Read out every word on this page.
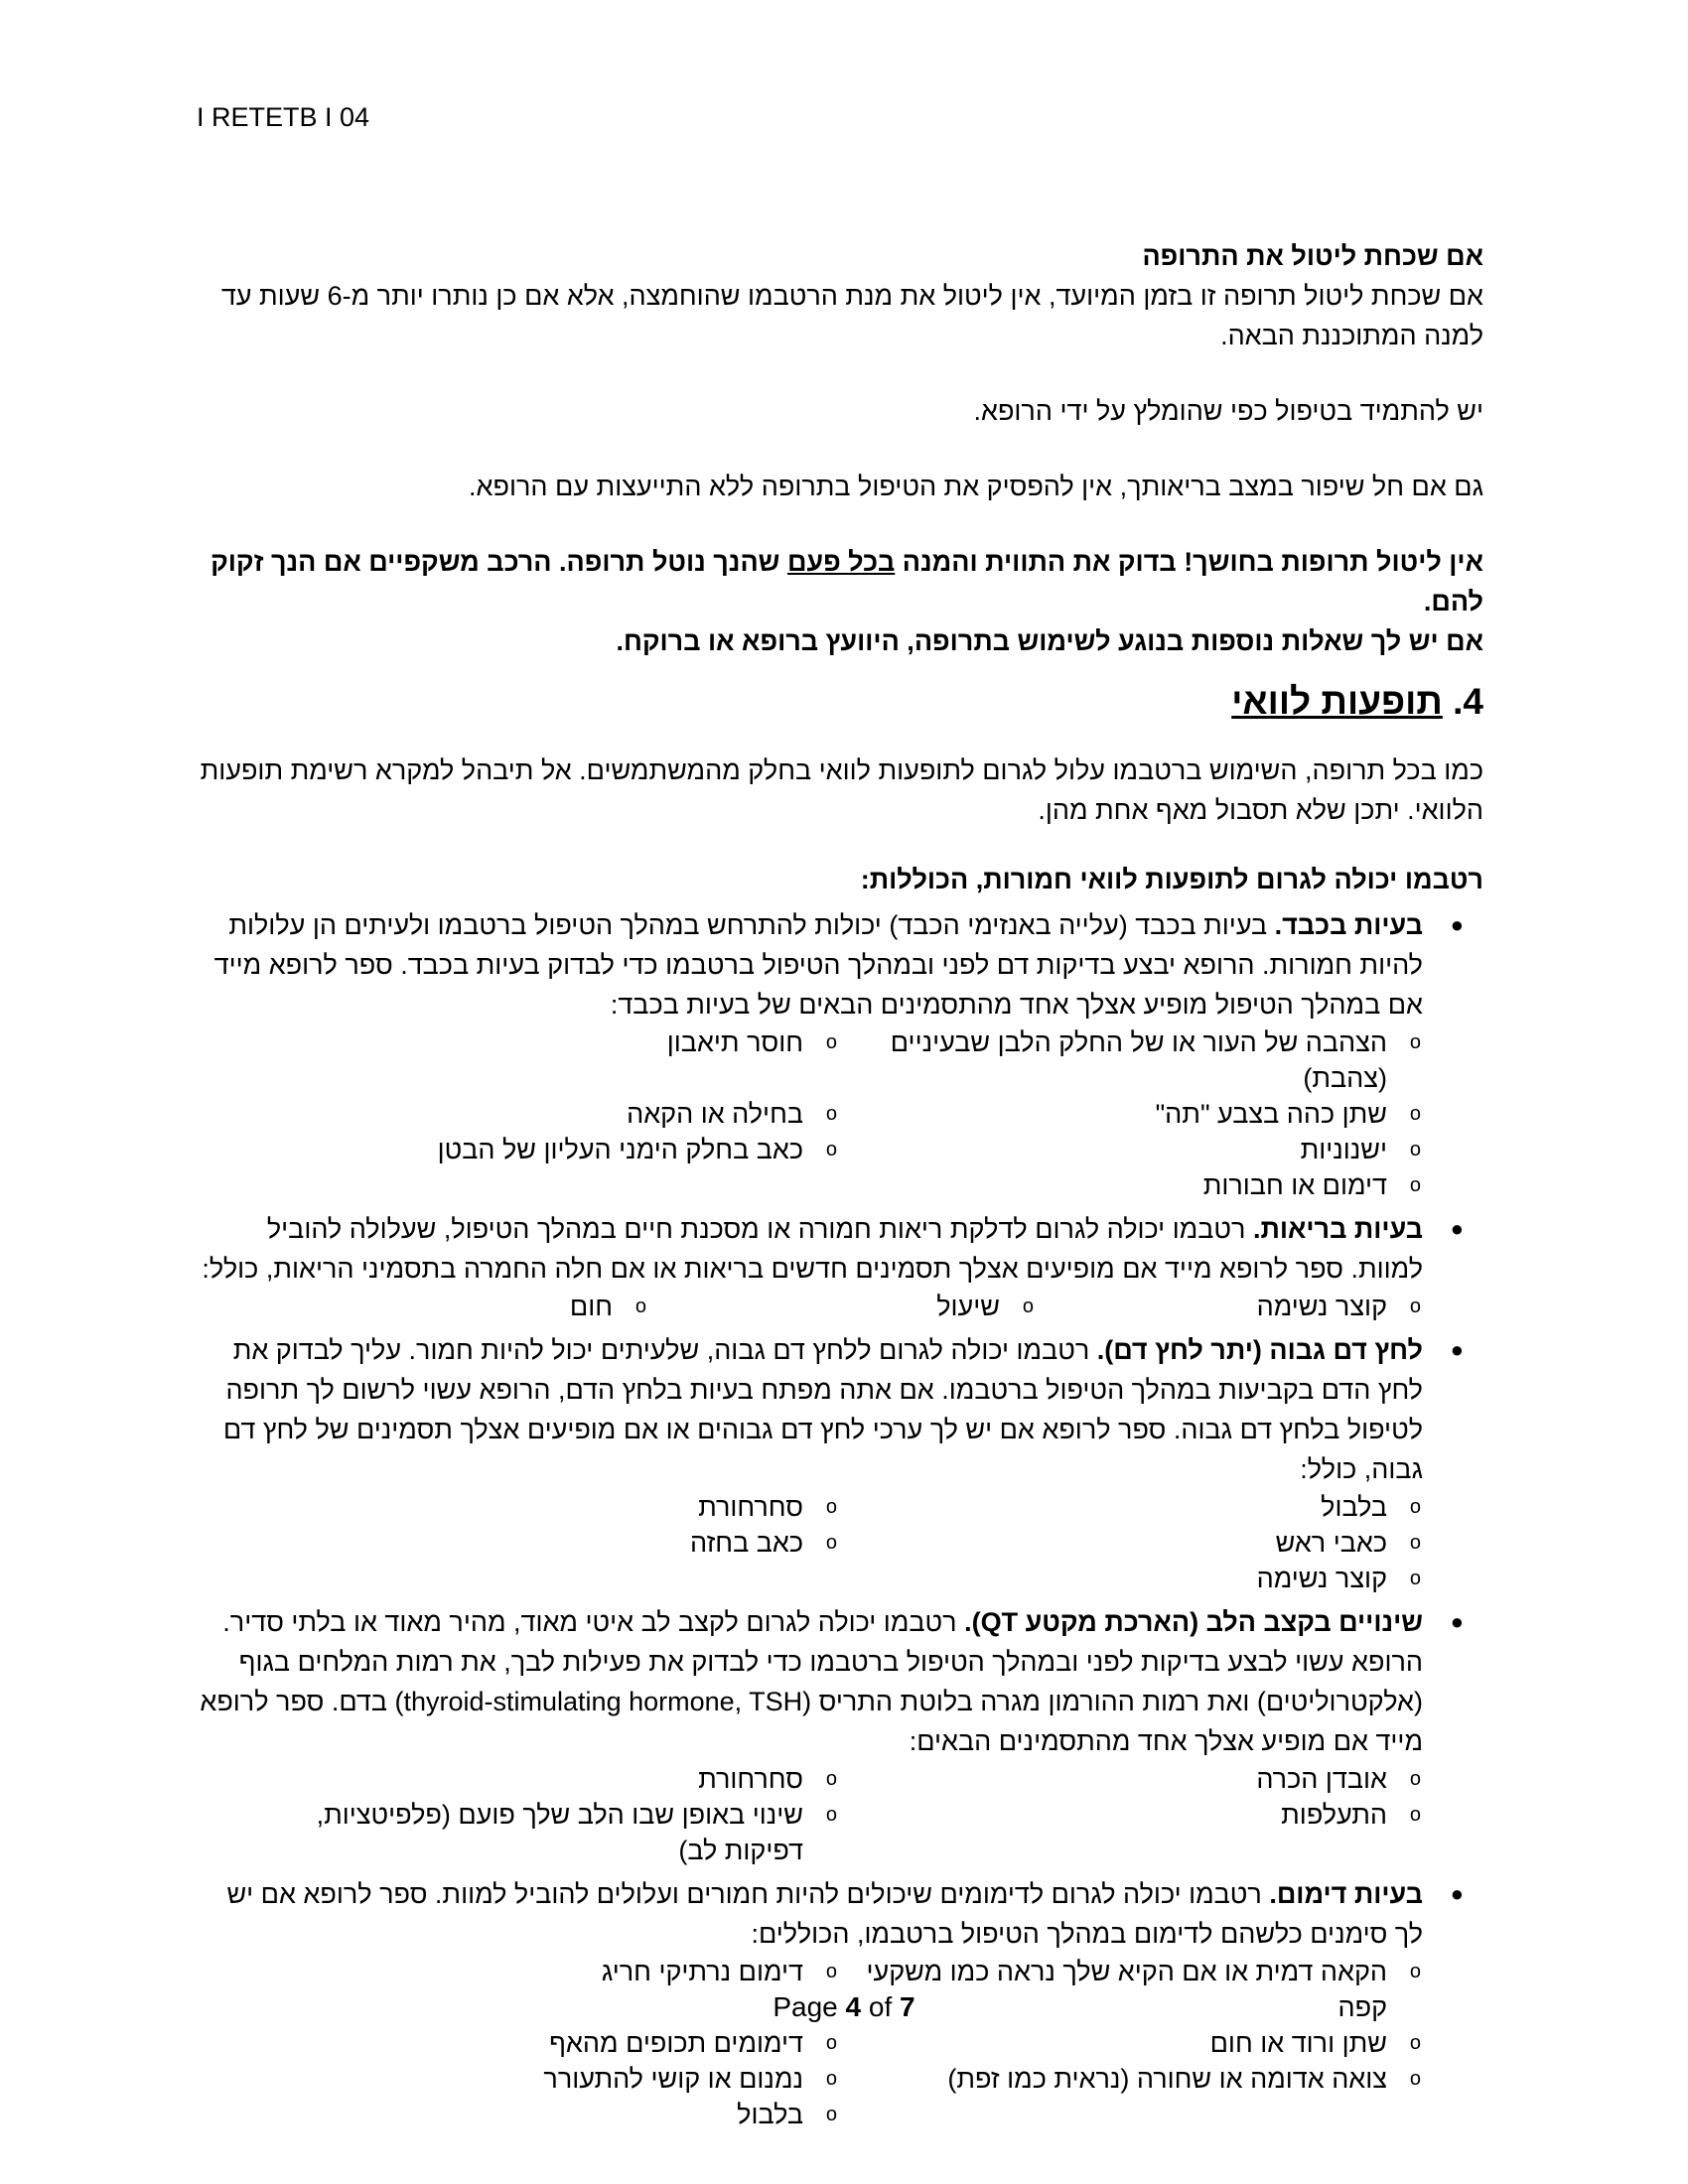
I RETETB I 04

אם שכחת ליטול את התרופה

אם שכחת ליטול תרופה זו בזמן המיועד, אין ליטול את מנת הרטבמו שהוחמצה, אלא אם כן נותרו יותר מ-6 שעות עד למנה המתוכננת הבאה.

יש להתמיד בטיפול כפי שהומלץ על ידי הרופא.

גם אם חל שיפור במצב בריאותך, אין להפסיק את הטיפול בתרופה ללא התייעצות עם הרופא.

אין ליטול תרופות בחושך! בדוק את התווית והמנה בכל פעם שהנך נוטל תרופה. הרכב משקפיים אם הנך זקוק להם.

אם יש לך שאלות נוספות בנוגע לשימוש בתרופה, היוועץ ברופא או ברוקח.

4. תופעות לוואי

כמו בכל תרופה, השימוש ברטבמו עלול לגרום לתופעות לוואי בחלק מהמשתמשים. אל תיבהל למקרא רשימת תופעות הלוואי. יתכן שלא תסבול מאף אחת מהן.

רטבמו יכולה לגרום לתופעות לוואי חמורות, הכוללות:

●

בעיות בכבד. בעיות בכבד (עלייה באנזימי הכבד) יכולות להתרחש במהלך הטיפול ברטבמו ולעיתים הן עלולות להיות חמורות. הרופא יבצע בדיקות דם לפני ובמהלך הטיפול ברטבמו כדי לבדוק בעיות בכבד. ספר לרופא מייד אם במהלך הטיפול מופיע אצלך אחד מהתסמינים הבאים של בעיות בכבד:

o
הצהבה של העור או של החלק הלבן שבעיניים (צהבת)
o
חוסר תיאבון
o
שתן כהה בצבע "תה"
o
בחילה או הקאה
o
ישנוניות
o
כאב בחלק הימני העליון של הבטן
o
דימום או חבורות
●

בעיות בריאות. רטבמו יכולה לגרום לדלקת ריאות חמורה או מסכנת חיים במהלך הטיפול, שעלולה להוביל למוות. ספר לרופא מייד אם מופיעים אצלך תסמינים חדשים בריאות או אם חלה החמרה בתסמיני הריאות, כולל:

o
קוצר נשימה
o
שיעול
o
חום
●

לחץ דם גבוה (יתר לחץ דם). רטבמו יכולה לגרום ללחץ דם גבוה, שלעיתים יכול להיות חמור. עליך לבדוק את לחץ הדם בקביעות במהלך הטיפול ברטבמו. אם אתה מפתח בעיות בלחץ הדם, הרופא עשוי לרשום לך תרופה לטיפול בלחץ דם גבוה. ספר לרופא אם יש לך ערכי לחץ דם גבוהים או אם מופיעים אצלך תסמינים של לחץ דם גבוה, כולל:

o
בלבול
o
סחרחורת
o
כאבי ראש
o
כאב בחזה
o
קוצר נשימה
●

שינויים בקצב הלב (הארכת מקטע QT). רטבמו יכולה לגרום לקצב לב איטי מאוד, מהיר מאוד או בלתי סדיר. הרופא עשוי לבצע בדיקות לפני ובמהלך הטיפול ברטבמו כדי לבדוק את פעילות לבך, את רמות המלחים בגוף (אלקטרוליטים) ואת רמות ההורמון מגרה בלוטת התריס (thyroid-stimulating hormone, TSH) בדם. ספר לרופא מייד אם מופיע אצלך אחד מהתסמינים הבאים:

o
אובדן הכרה
o
סחרחורת
o
התעלפות
o
שינוי באופן שבו הלב שלך פועם (פלפיטציות, דפיקות לב)
●

בעיות דימום. רטבמו יכולה לגרום לדימומים שיכולים להיות חמורים ועלולים להוביל למוות. ספר לרופא אם יש לך סימנים כלשהם לדימום במהלך הטיפול ברטבמו, הכוללים:

o
הקאה דמית או אם הקיא שלך נראה כמו משקעי קפה
o
דימום נרתיקי חריג
o
שתן ורוד או חום
o
דימומים תכופים מהאף
o
צואה אדומה או שחורה (נראית כמו זפת)
o
נמנום או קושי להתעורר
o
בלבול
Page 4 of 7
